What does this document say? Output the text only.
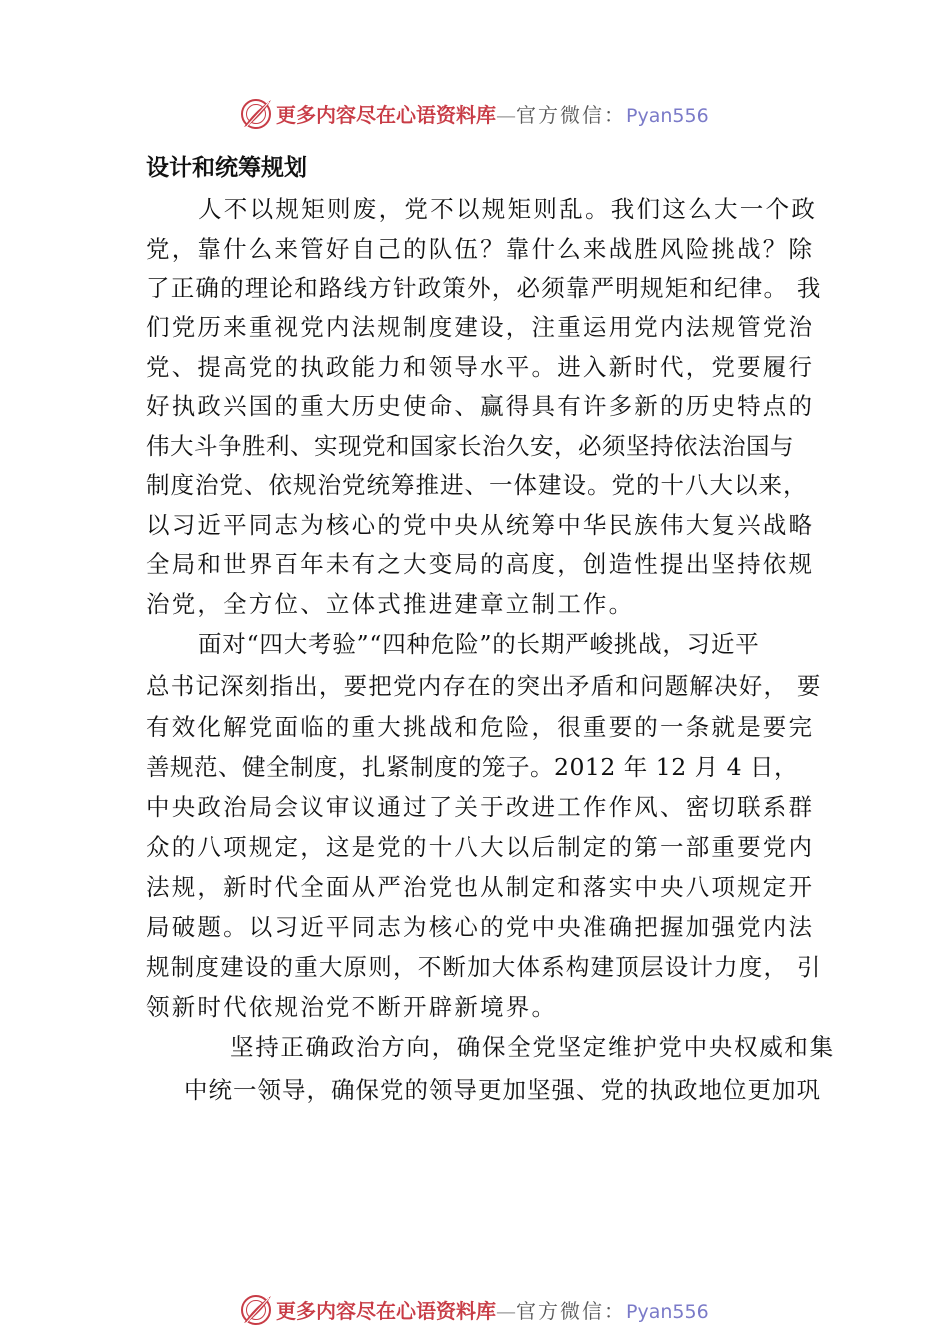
更多内容尽在心语资料库—官方微信：Pyan556
设计和统筹规划

人不以规矩则废，党不以规矩则乱。我们这么大一个政

党，靠什么来管好自己的队伍？靠什么来战胜风险挑战？除

了正确的理论和路线方针政策外，必须靠严明规矩和纪律。 我

们党历来重视党内法规制度建设，注重运用党内法规管党治

党、提高党的执政能力和领导水平。进入新时代，党要履行

好执政兴国的重大历史使命、赢得具有许多新的历史特点的

伟大斗争胜利、实现党和国家长治久安，必须坚持依法治国与

制度治党、依规治党统筹推进、一体建设。党的十八大以来，

以习近平同志为核心的党中央从统筹中华民族伟大复兴战略

全局和世界百年未有之大变局的高度，创造性提出坚持依规

治党，全方位、立体式推进建章立制工作。

面对“四大考验”“四种危险”的长期严峻挑战，习近平

总书记深刻指出，要把党内存在的突出矛盾和问题解决好， 要

有效化解党面临的重大挑战和危险，很重要的一条就是要完

善规范、健全制度，扎紧制度的笼子。2012 年 12 月 4 日，

中央政治局会议审议通过了关于改进工作作风、密切联系群

众的八项规定，这是党的十八大以后制定的第一部重要党内

法规，新时代全面从严治党也从制定和落实中央八项规定开

局破题。以习近平同志为核心的党中央准确把握加强党内法

规制度建设的重大原则，不断加大体系构建顶层设计力度， 引

领新时代依规治党不断开辟新境界。

坚持正确政治方向，确保全党坚定维护党中央权威和集

中统一领导，确保党的领导更加坚强、党的执政地位更加巩

更多内容尽在心语资料库—官方微信：Pyan556
